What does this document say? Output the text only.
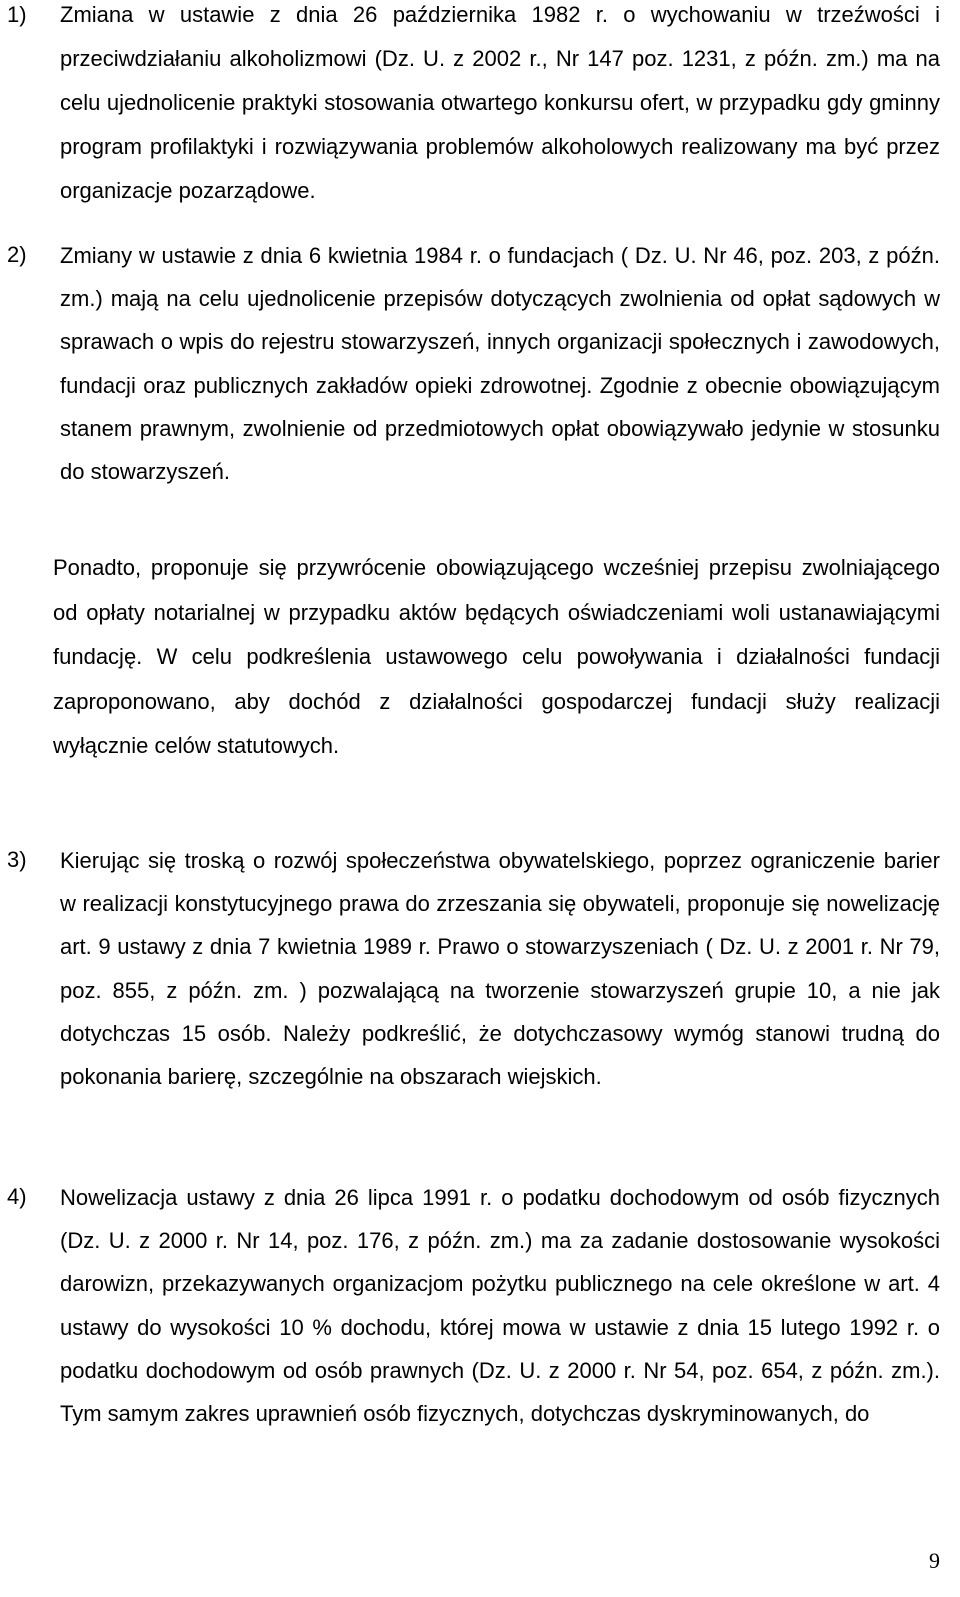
1) Zmiana w ustawie z dnia 26 października 1982 r. o wychowaniu w trzeźwości i przeciwdziałaniu alkoholizmowi (Dz. U. z 2002 r., Nr 147 poz. 1231, z późn. zm.) ma na celu ujednolicenie praktyki stosowania otwartego konkursu ofert, w przypadku gdy gminny program profilaktyki i rozwiązywania problemów alkoholowych realizowany ma być przez organizacje pozarządowe.
2) Zmiany w ustawie z dnia 6 kwietnia 1984 r. o fundacjach ( Dz. U. Nr 46, poz. 203, z późn. zm.) mają na celu ujednolicenie przepisów dotyczących zwolnienia od opłat sądowych w sprawach o wpis do rejestru stowarzyszeń, innych organizacji społecznych i zawodowych, fundacji oraz publicznych zakładów opieki zdrowotnej. Zgodnie z obecnie obowiązującym stanem prawnym, zwolnienie od przedmiotowych opłat obowiązywało jedynie w stosunku do stowarzyszeń.
Ponadto, proponuje się przywrócenie obowiązującego wcześniej przepisu zwolniającego od opłaty notarialnej w przypadku aktów będących oświadczeniami woli ustanawiającymi fundację. W celu podkreślenia ustawowego celu powoływania i działalności fundacji zaproponowano, aby dochód z działalności gospodarczej fundacji służy realizacji wyłącznie celów statutowych.
3) Kierując się troską o rozwój społeczeństwa obywatelskiego, poprzez ograniczenie barier w realizacji konstytucyjnego prawa do zrzeszania się obywateli, proponuje się nowelizację art. 9 ustawy z dnia 7 kwietnia 1989 r. Prawo o stowarzyszeniach ( Dz. U. z 2001 r. Nr 79, poz. 855, z późn. zm. ) pozwalającą na tworzenie stowarzyszeń grupie 10, a nie jak dotychczas 15 osób. Należy podkreślić, że dotychczasowy wymóg stanowi trudną do pokonania barierę, szczególnie na obszarach wiejskich.
4) Nowelizacja ustawy z dnia 26 lipca 1991 r. o podatku dochodowym od osób fizycznych (Dz. U. z 2000 r. Nr 14, poz. 176, z późn. zm.) ma za zadanie dostosowanie wysokości darowizn, przekazywanych organizacjom pożytku publicznego na cele określone w art. 4 ustawy do wysokości 10 % dochodu, której mowa w ustawie z dnia 15 lutego 1992 r. o podatku dochodowym od osób prawnych (Dz. U. z 2000 r. Nr 54, poz. 654, z późn. zm.). Tym samym zakres uprawnień osób fizycznych, dotychczas dyskryminowanych, do
9
